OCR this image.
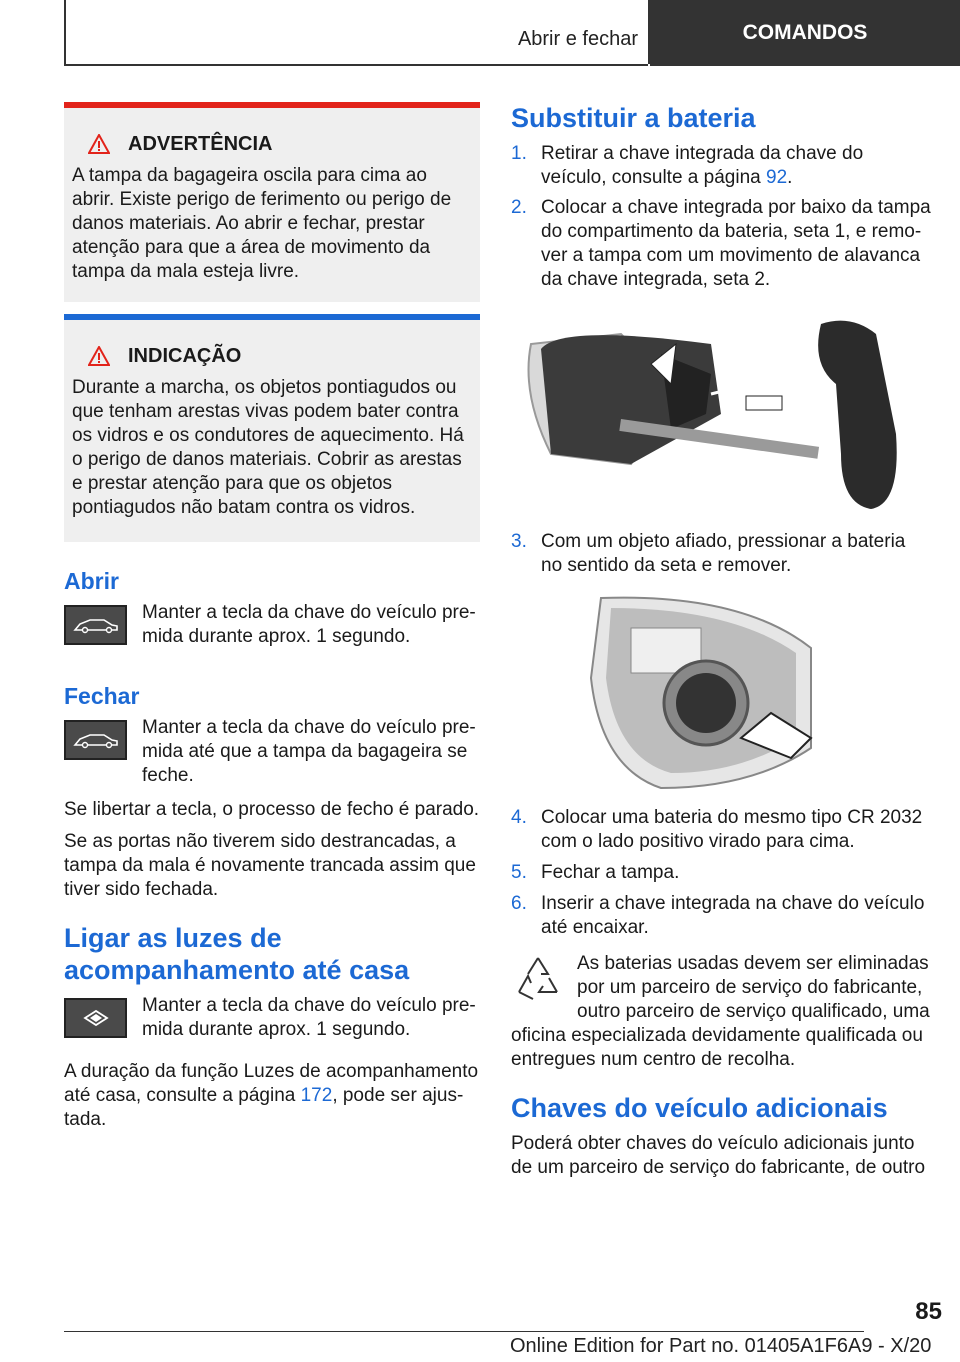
Abrir e fechar	COMANDOS
ADVERTÊNCIA
A tampa da bagageira oscila para cima ao abrir. Existe perigo de ferimento ou perigo de danos materiais. Ao abrir e fechar, prestar atenção para que a área de movimento da tampa da mala esteja livre.
INDICAÇÃO
Durante a marcha, os objetos pontiagudos ou que tenham arestas vivas podem bater contra os vidros e os condutores de aquecimento. Há o perigo de danos materiais. Cobrir as arestas e prestar atenção para que os objetos pontiagudos não batam contra os vidros.
Abrir
Manter a tecla da chave do veículo premida durante aprox. 1 segundo.
Fechar
Manter a tecla da chave do veículo premida até que a tampa da bagageira se feche.
Se libertar a tecla, o processo de fecho é parado.
Se as portas não tiverem sido destrancadas, a tampa da mala é novamente trancada assim que tiver sido fechada.
Ligar as luzes de acompanhamento até casa
Manter a tecla da chave do veículo premida durante aprox. 1 segundo.
A duração da função Luzes de acompanhamento até casa, consulte a página 172, pode ser ajustada.
Substituir a bateria
1. Retirar a chave integrada da chave do veículo, consulte a página 92.
2. Colocar a chave integrada por baixo da tampa do compartimento da bateria, seta 1, e remover a tampa com um movimento de alavanca da chave integrada, seta 2.
3. Com um objeto afiado, pressionar a bateria no sentido da seta e remover.
4. Colocar uma bateria do mesmo tipo CR 2032 com o lado positivo virado para cima.
5. Fechar a tampa.
6. Inserir a chave integrada na chave do veículo até encaixar.
As baterias usadas devem ser eliminadas por um parceiro de serviço do fabricante, outro parceiro de serviço qualificado, uma oficina especializada devidamente qualificada ou entregues num centro de recolha.
Chaves do veículo adicionais
Poderá obter chaves do veículo adicionais junto de um parceiro de serviço do fabricante, de outro
85
Online Edition for Part no. 01405A1F6A9 - X/20
